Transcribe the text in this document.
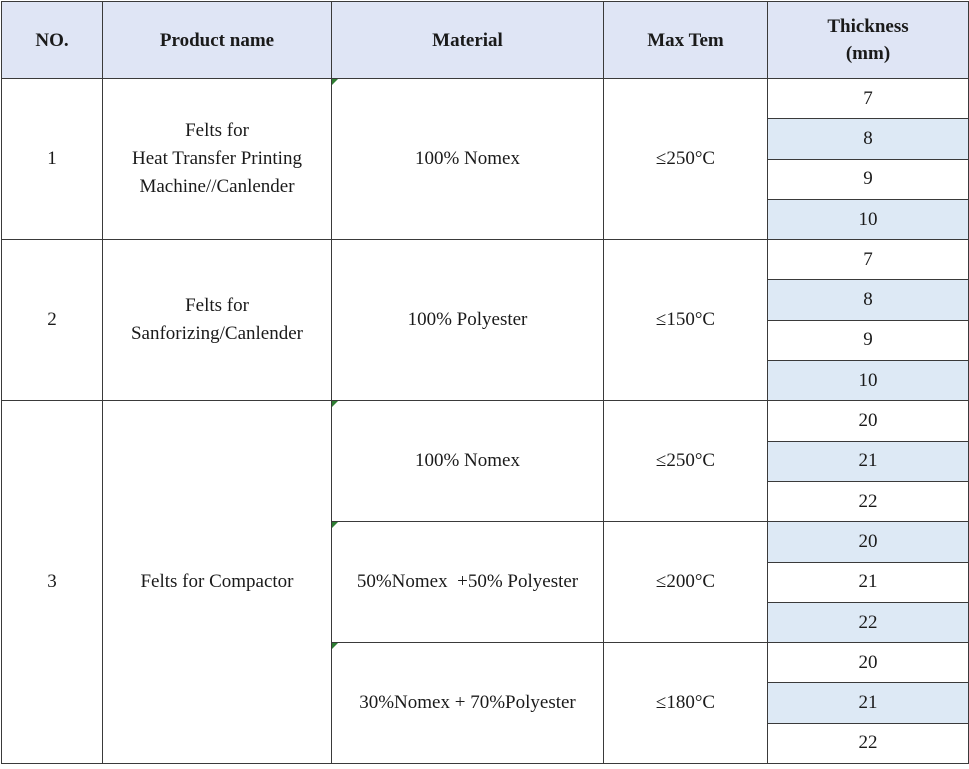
NO.	Product name	Material	Max Tem	Thickness
(mm)
1	Felts for
Heat Transfer Printing
Machine//Canlender	100% Nomex	≤250°C	7
				8
				9
				10
2	Felts for
Sanforizing/Canlender	100% Polyester	≤150°C	7
				8
				9
				10
3	Felts for Compactor	100% Nomex	≤250°C	20
				21
				22
		50%Nomex  +50% Polyester	≤200°C	20
				21
				22
		30%Nomex + 70%Polyester	≤180°C	20
				21
				22
